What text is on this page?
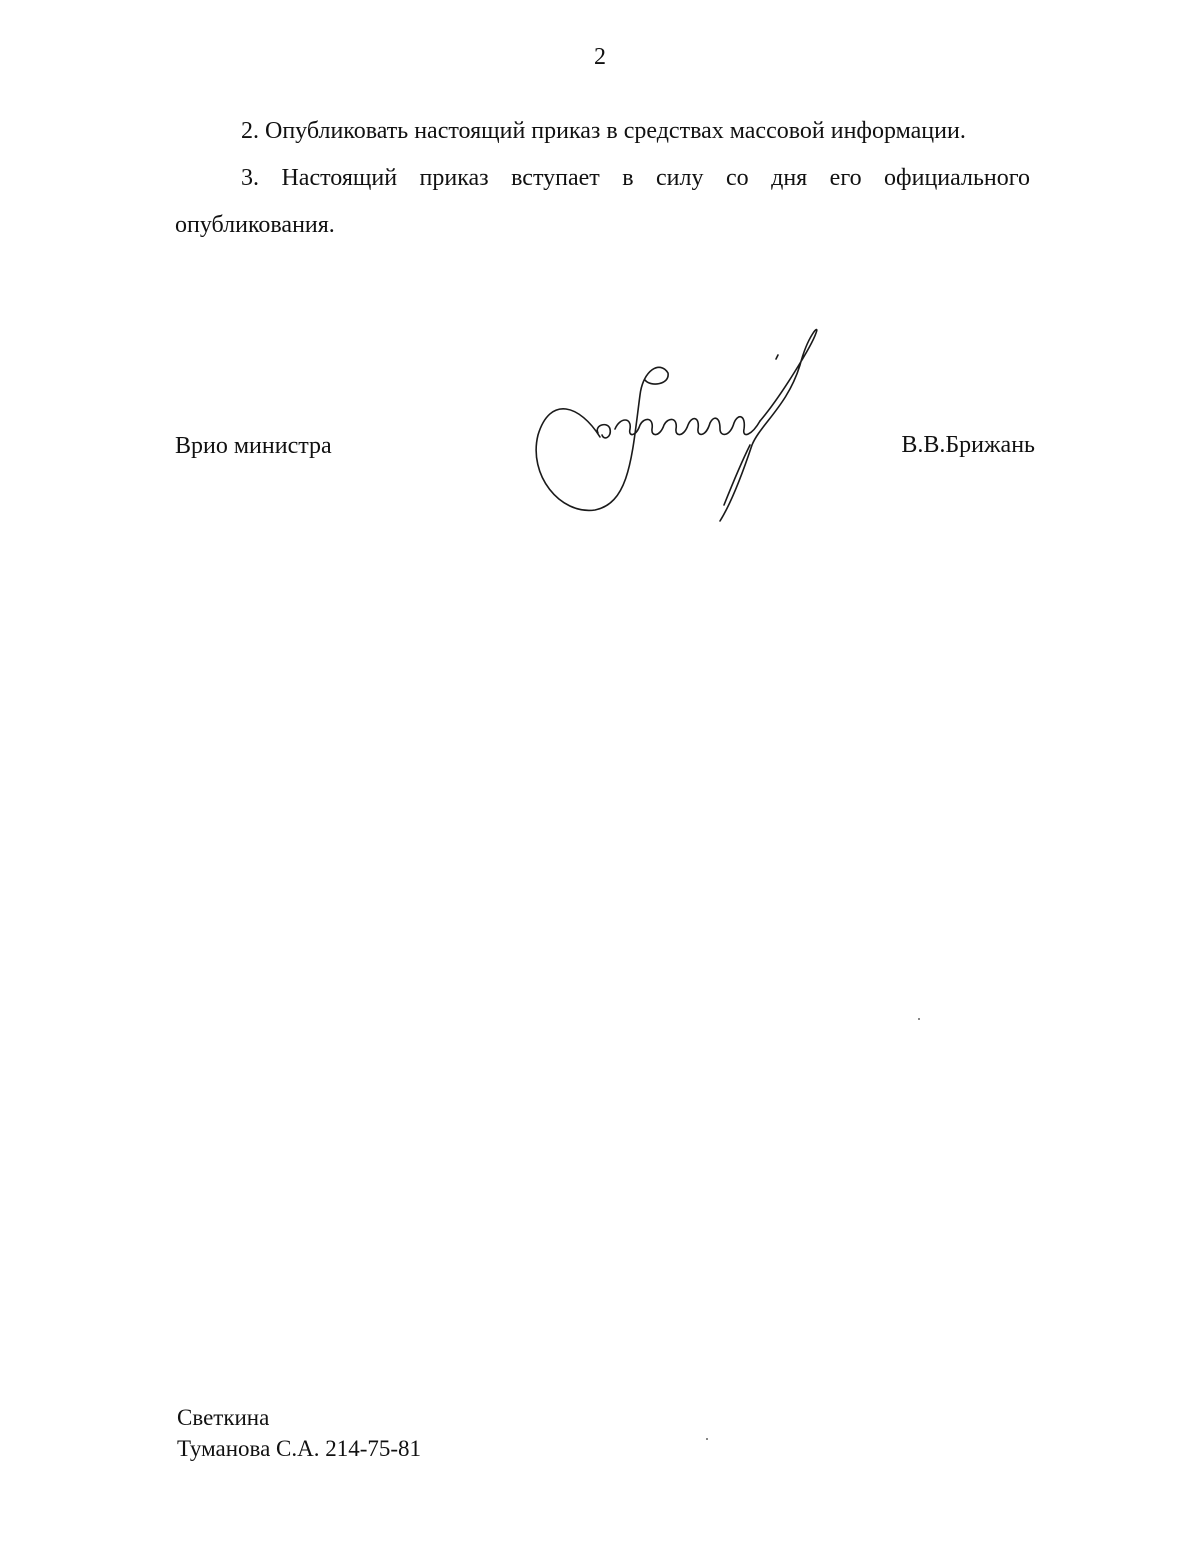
2

2. Опубликовать настоящий приказ в средствах массовой информации.

3. Настоящий приказ вступает в силу со дня его официального опубликования.

Врио министра	В.В.Брижань
Светкина
Туманова С.А. 214-75-81
